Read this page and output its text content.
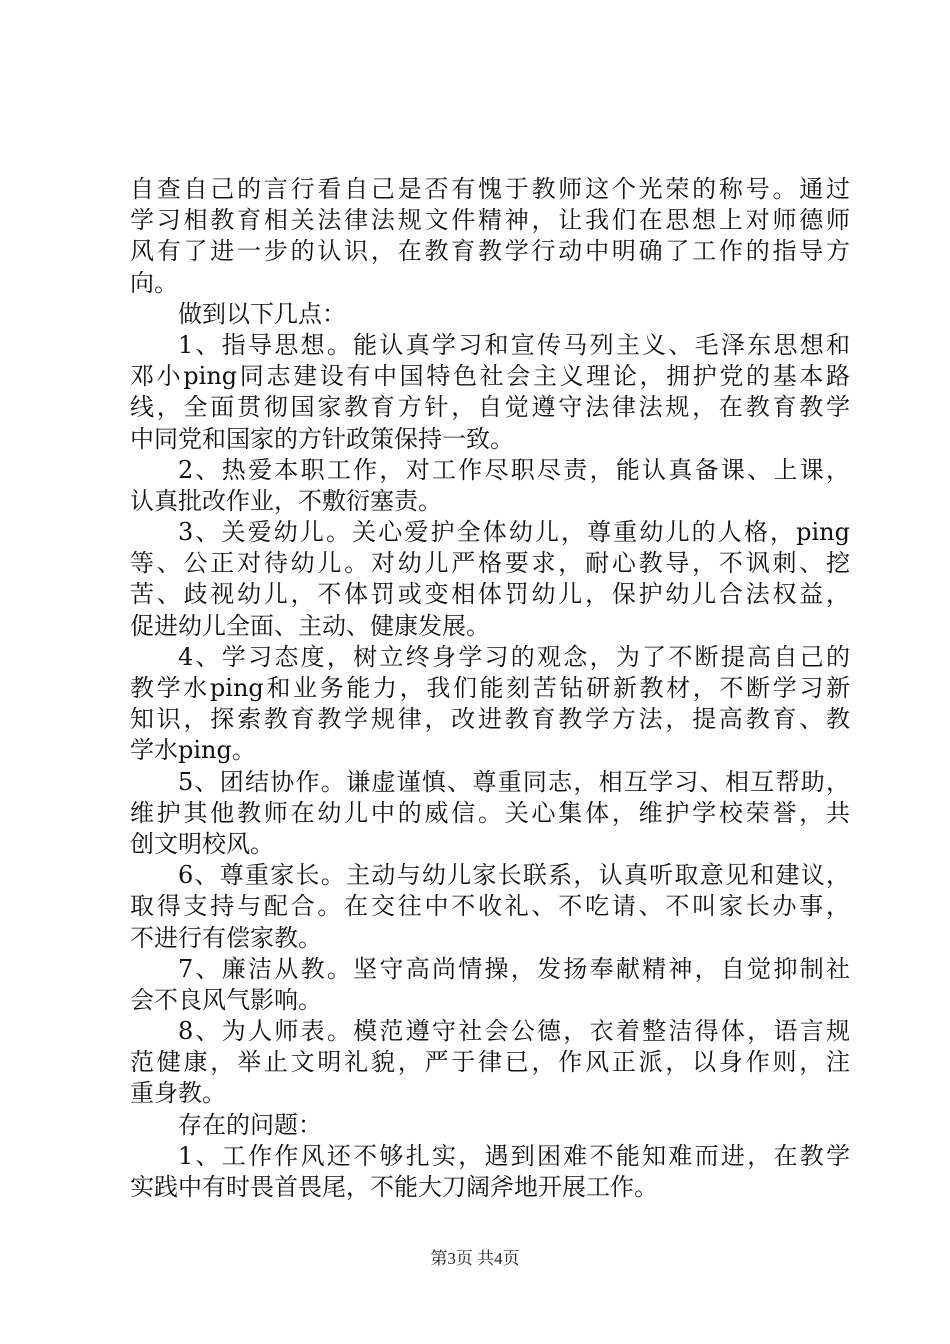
自查自己的言行看自己是否有愧于教师这个光荣的称号。通过
学习相教育相关法律法规文件精神，让我们在思想上对师德师
风有了进一步的认识，在教育教学行动中明确了工作的指导方
向。
做到以下几点：
1、指导思想。能认真学习和宣传马列主义、毛泽东思想和
邓小ping同志建设有中国特色社会主义理论，拥护党的基本路
线，全面贯彻国家教育方针，自觉遵守法律法规，在教育教学
中同党和国家的方针政策保持一致。
2、热爱本职工作，对工作尽职尽责，能认真备课、上课，
认真批改作业，不敷衍塞责。
3、关爱幼儿。关心爱护全体幼儿，尊重幼儿的人格，ping
等、公正对待幼儿。对幼儿严格要求，耐心教导，不讽刺、挖
苦、歧视幼儿，不体罚或变相体罚幼儿，保护幼儿合法权益，
促进幼儿全面、主动、健康发展。
4、学习态度，树立终身学习的观念，为了不断提高自己的
教学水ping和业务能力，我们能刻苦钻研新教材，不断学习新
知识，探索教育教学规律，改进教育教学方法，提高教育、教
学水ping。
5、团结协作。谦虚谨慎、尊重同志，相互学习、相互帮助，
维护其他教师在幼儿中的威信。关心集体，维护学校荣誉，共
创文明校风。
6、尊重家长。主动与幼儿家长联系，认真听取意见和建议，
取得支持与配合。在交往中不收礼、不吃请、不叫家长办事，
不进行有偿家教。
7、廉洁从教。坚守高尚情操，发扬奉献精神，自觉抑制社
会不良风气影响。
8、为人师表。模范遵守社会公德，衣着整洁得体，语言规
范健康，举止文明礼貌，严于律已，作风正派，以身作则，注
重身教。
存在的问题：
1、工作作风还不够扎实，遇到困难不能知难而进，在教学
实践中有时畏首畏尾，不能大刀阔斧地开展工作。
第3页 共4页
